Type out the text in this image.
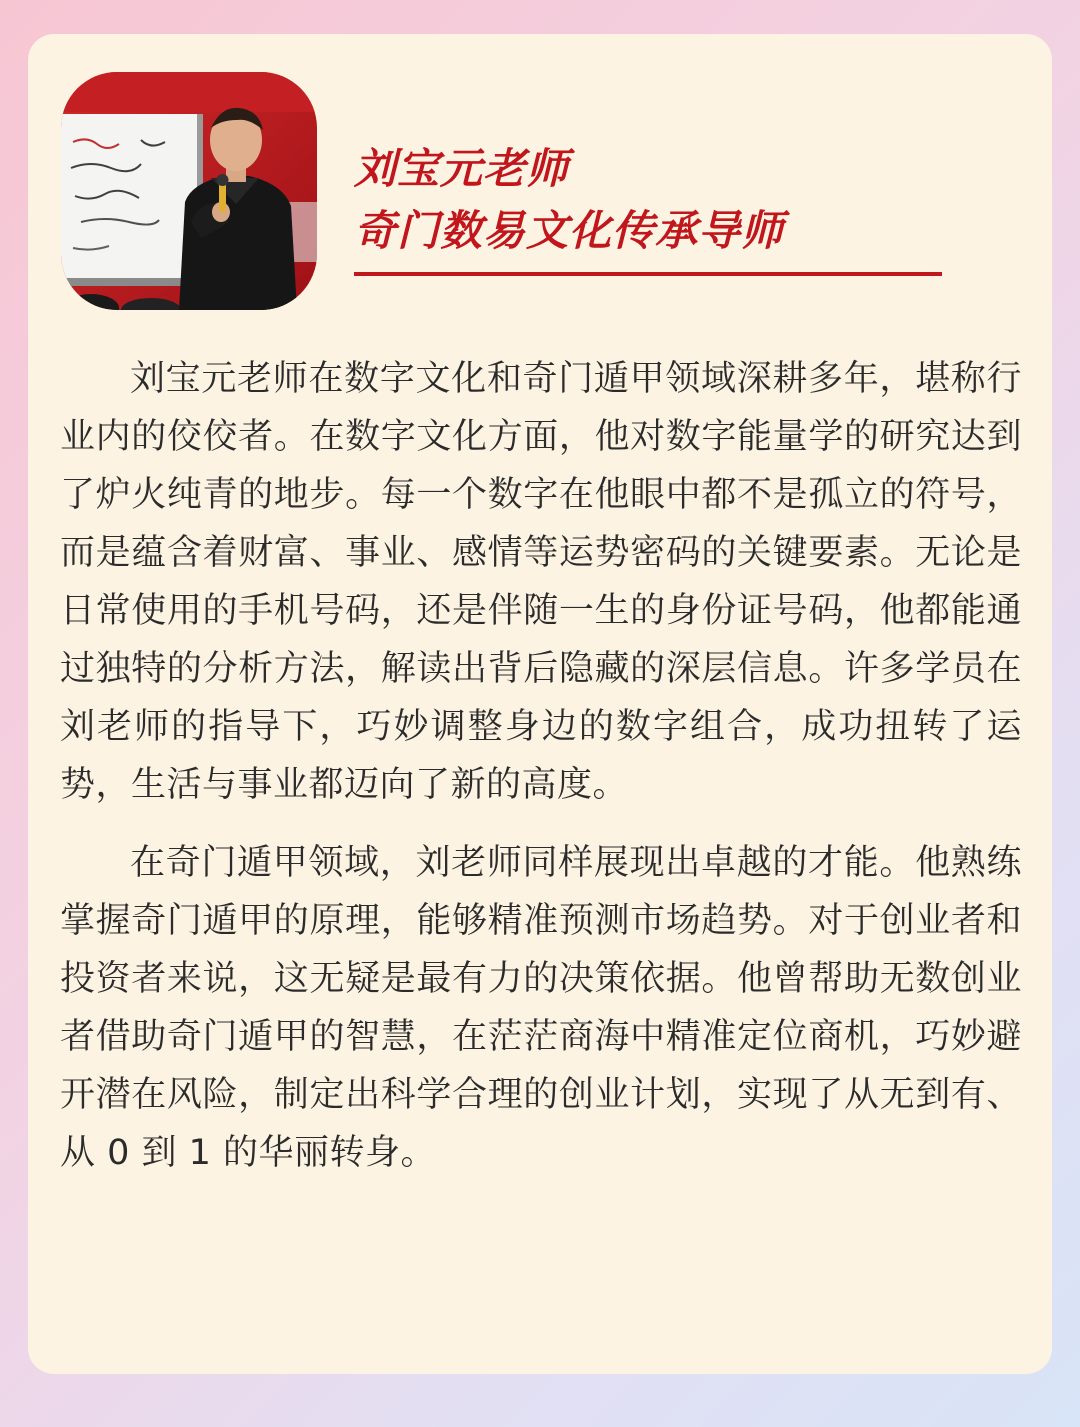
刘宝元老师
奇门数易文化传承导师

刘宝元老师在数字文化和奇门遁甲领域深耕多年，堪称行业内的佼佼者。在数字文化方面，他对数字能量学的研究达到了炉火纯青的地步。每一个数字在他眼中都不是孤立的符号，而是蕴含着财富、事业、感情等运势密码的关键要素。无论是日常使用的手机号码，还是伴随一生的身份证号码，他都能通过独特的分析方法，解读出背后隐藏的深层信息。许多学员在刘老师的指导下，巧妙调整身边的数字组合，成功扭转了运势，生活与事业都迈向了新的高度。

在奇门遁甲领域，刘老师同样展现出卓越的才能。他熟练掌握奇门遁甲的原理，能够精准预测市场趋势。对于创业者和投资者来说，这无疑是最有力的决策依据。他曾帮助无数创业者借助奇门遁甲的智慧，在茫茫商海中精准定位商机，巧妙避开潜在风险，制定出科学合理的创业计划，实现了从无到有、从 0 到 1 的华丽转身。
